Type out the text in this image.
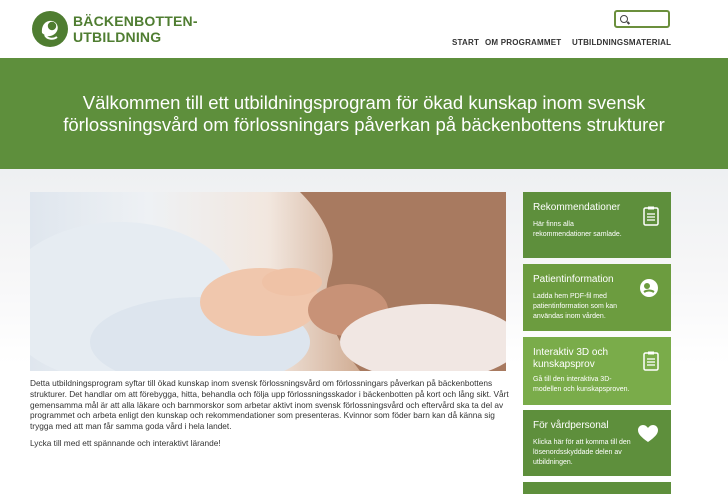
BÄCKENBOTTEN-
UTBILDNING	START OM PROGRAMMET UTBILDNINGSMATERIAL
Välkommen till ett utbildningsprogram för ökad kunskap inom svensk
förlossningsvård om förlossningars påverkan på bäckenbottens strukturer

Detta utbildningsprogram syftar till ökad kunskap inom svensk förlossningsvård om förlossningars påverkan på bäckenbottens strukturer. Det handlar om att förebygga, hitta, behandla och följa upp förlossningsskador i bäckenbotten på kort och lång sikt. Vårt gemensamma mål är att alla läkare och barnmorskor som arbetar aktivt inom svensk förlossningsvård och eftervård ska ta del av programmet och arbeta enligt den kunskap och rekommendationer som presenteras. Kvinnor som föder barn kan då känna sig trygga med att man får samma goda vård i hela landet.

Lycka till med ett spännande och interaktivt lärande!

Rekommendationer
Här finns alla rekommendationer samlade.
Patientinformation
Ladda hem PDF-fil med patientinformation som kan användas inom vården.
Interaktiv 3D och kunskapsprov
Gå till den interaktiva 3D-modellen och kunskapsproven.
För vårdpersonal
Klicka här för att komma till den lösenordsskyddade delen av utbildningen.
